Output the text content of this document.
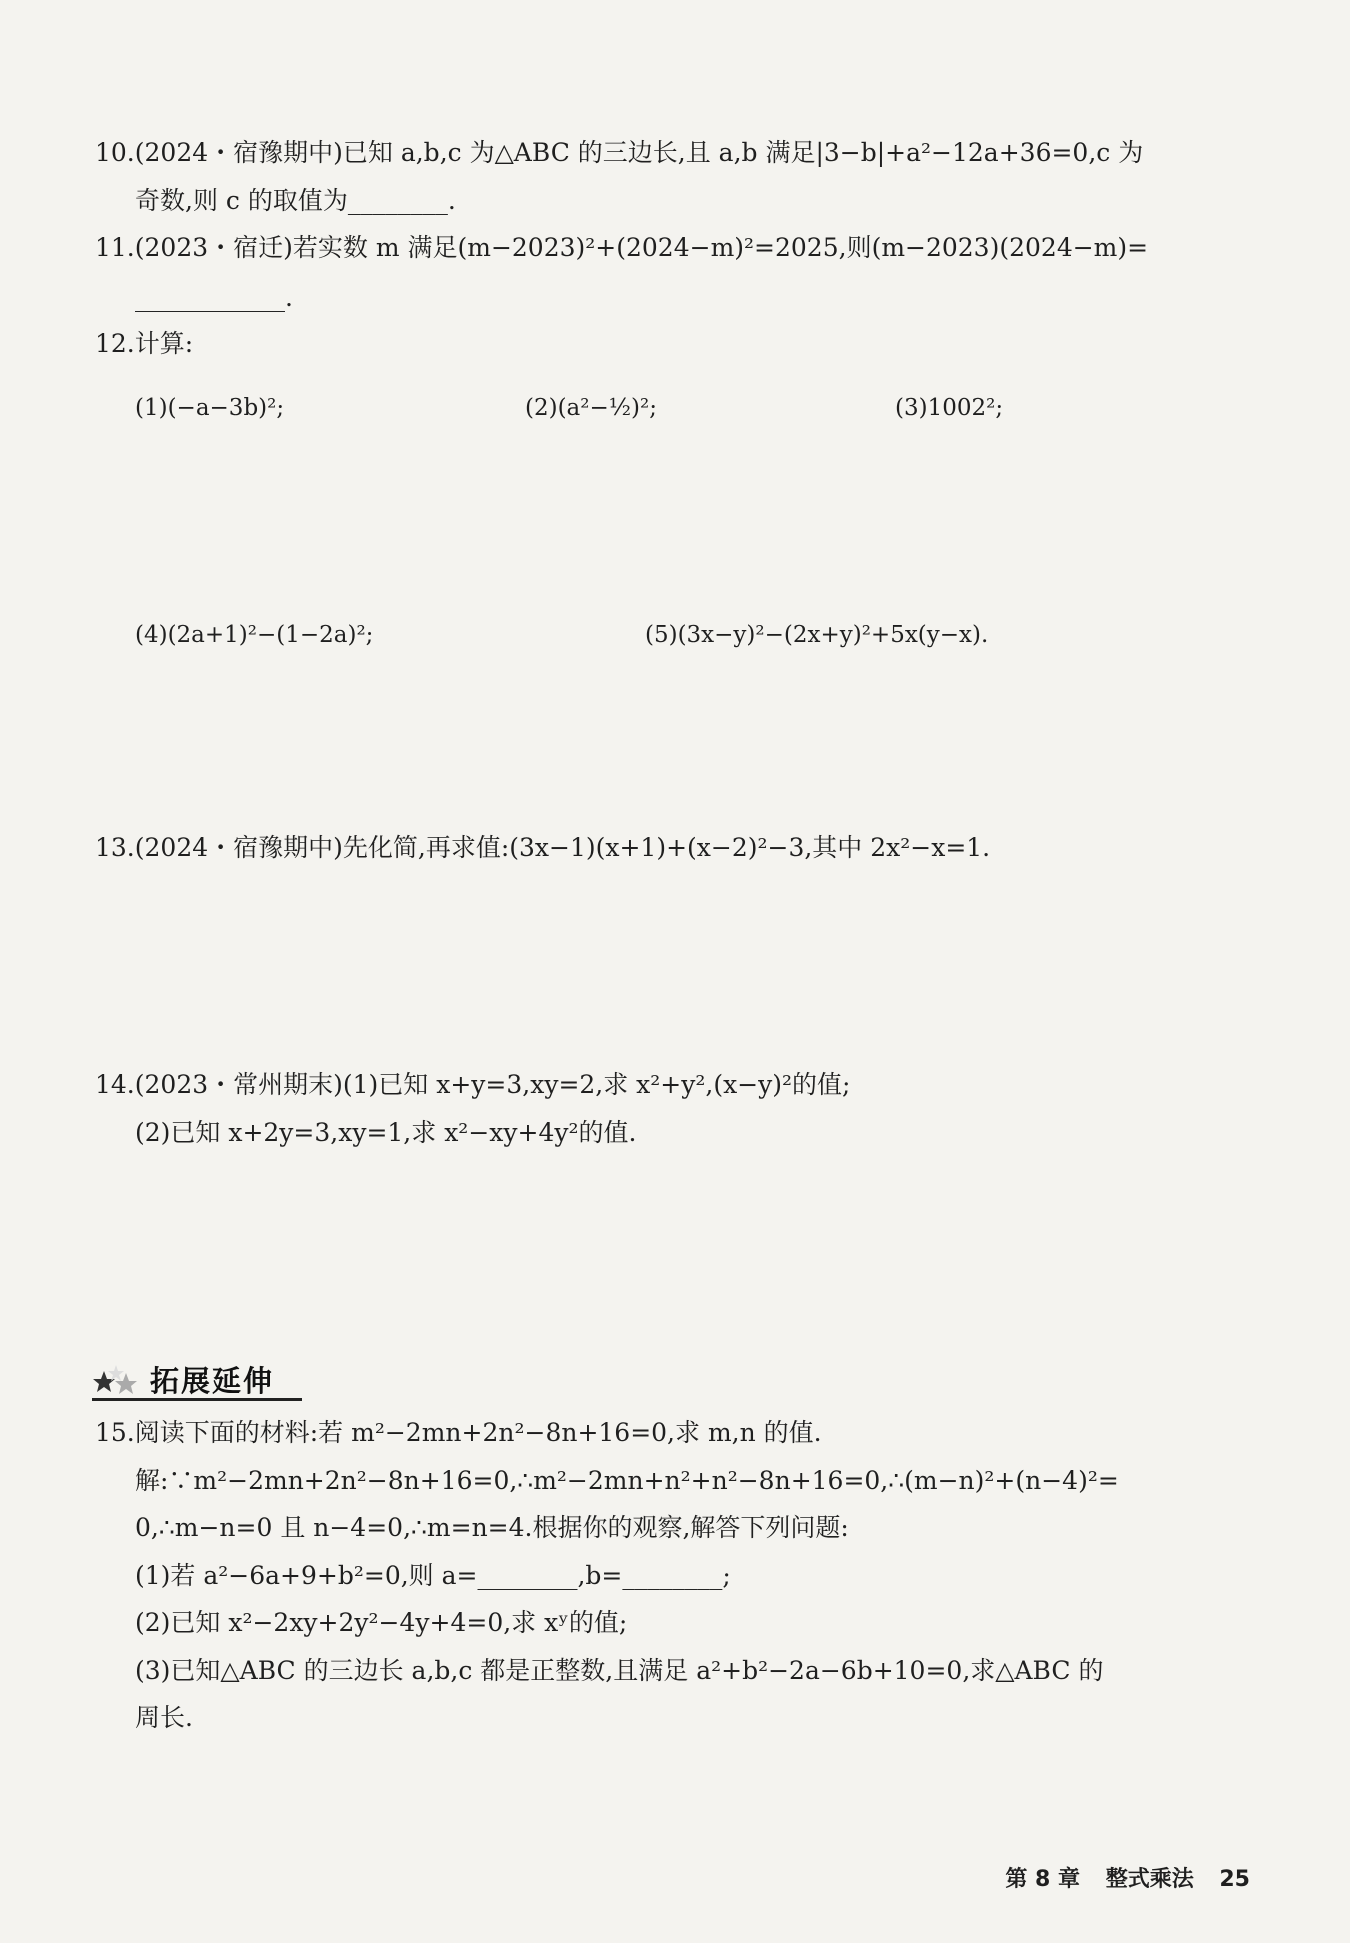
10.(2024・宿豫期中)已知 a,b,c 为△ABC 的三边长,且 a,b 满足|3−b|+a²−12a+36=0,c 为
奇数,则 c 的取值为________.
11.(2023・宿迁)若实数 m 满足(m−2023)²+(2024−m)²=2025,则(m−2023)(2024−m)=
____________.
12.计算:
(1)(−a−3b)²;	(2)(a²−½)²;	(3)1002²;
(4)(2a+1)²−(1−2a)²;	(5)(3x−y)²−(2x+y)²+5x(y−x).
13.(2024・宿豫期中)先化简,再求值:(3x−1)(x+1)+(x−2)²−3,其中 2x²−x=1.
14.(2023・常州期末)(1)已知 x+y=3,xy=2,求 x²+y²,(x−y)²的值;
(2)已知 x+2y=3,xy=1,求 x²−xy+4y²的值.
拓展延伸
15.阅读下面的材料:若 m²−2mn+2n²−8n+16=0,求 m,n 的值.
解:∵m²−2mn+2n²−8n+16=0,∴m²−2mn+n²+n²−8n+16=0,∴(m−n)²+(n−4)²=
0,∴m−n=0 且 n−4=0,∴m=n=4.根据你的观察,解答下列问题:
(1)若 a²−6a+9+b²=0,则 a=________,b=________;
(2)已知 x²−2xy+2y²−4y+4=0,求 xʸ的值;
(3)已知△ABC 的三边长 a,b,c 都是正整数,且满足 a²+b²−2a−6b+10=0,求△ABC 的
周长.
第 8 章 整式乘法 25
